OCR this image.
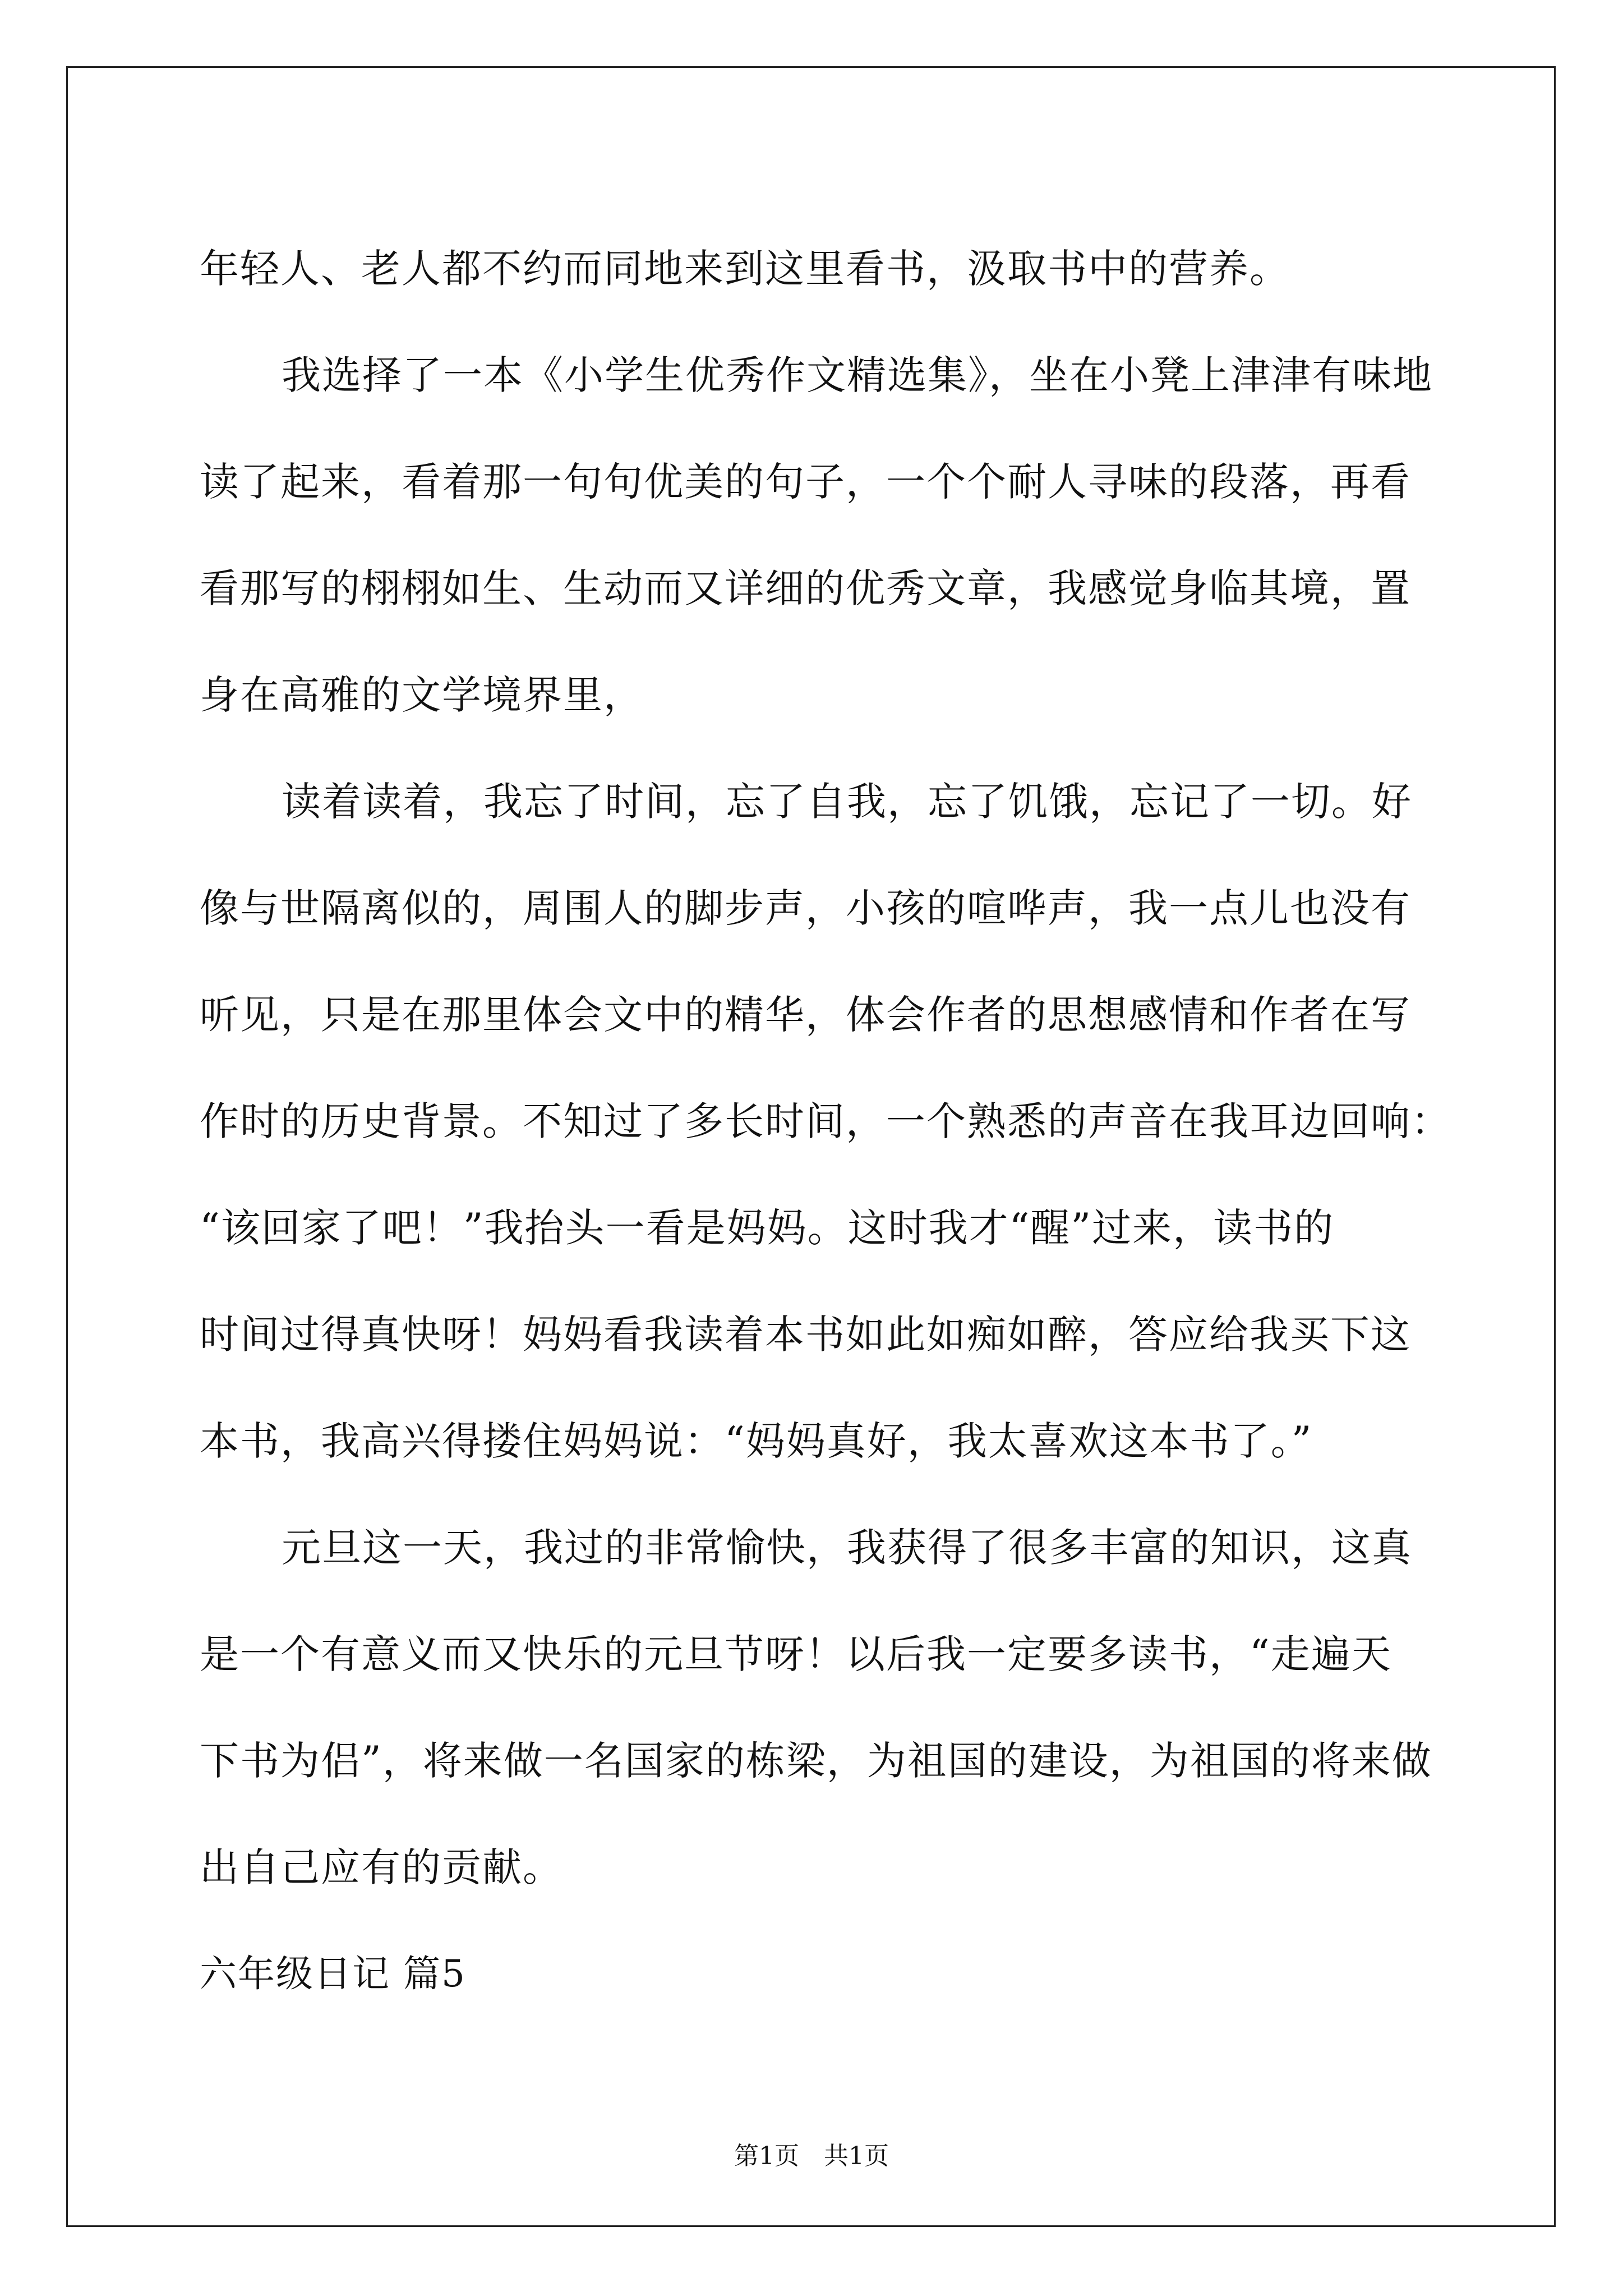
年轻人、老人都不约而同地来到这里看书，汲取书中的营养。
我选择了一本《小学生优秀作文精选集》，坐在小凳上津津有味地
读了起来，看着那一句句优美的句子，一个个耐人寻味的段落，再看
看那写的栩栩如生、生动而又详细的优秀文章，我感觉身临其境，置
身在高雅的文学境界里，
读着读着，我忘了时间，忘了自我，忘了饥饿，忘记了一切。好
像与世隔离似的，周围人的脚步声，小孩的喧哗声，我一点儿也没有
听见，只是在那里体会文中的精华，体会作者的思想感情和作者在写
作时的历史背景。不知过了多长时间，一个熟悉的声音在我耳边回响：
“该回家了吧！”我抬头一看是妈妈。这时我才“醒”过来，读书的
时间过得真快呀！妈妈看我读着本书如此如痴如醉，答应给我买下这
本书，我高兴得搂住妈妈说：“妈妈真好，我太喜欢这本书了。”
元旦这一天，我过的非常愉快，我获得了很多丰富的知识，这真
是一个有意义而又快乐的元旦节呀！以后我一定要多读书，“走遍天
下书为侣”，将来做一名国家的栋梁，为祖国的建设，为祖国的将来做
出自己应有的贡献。
六年级日记 篇5
第1页　共1页
